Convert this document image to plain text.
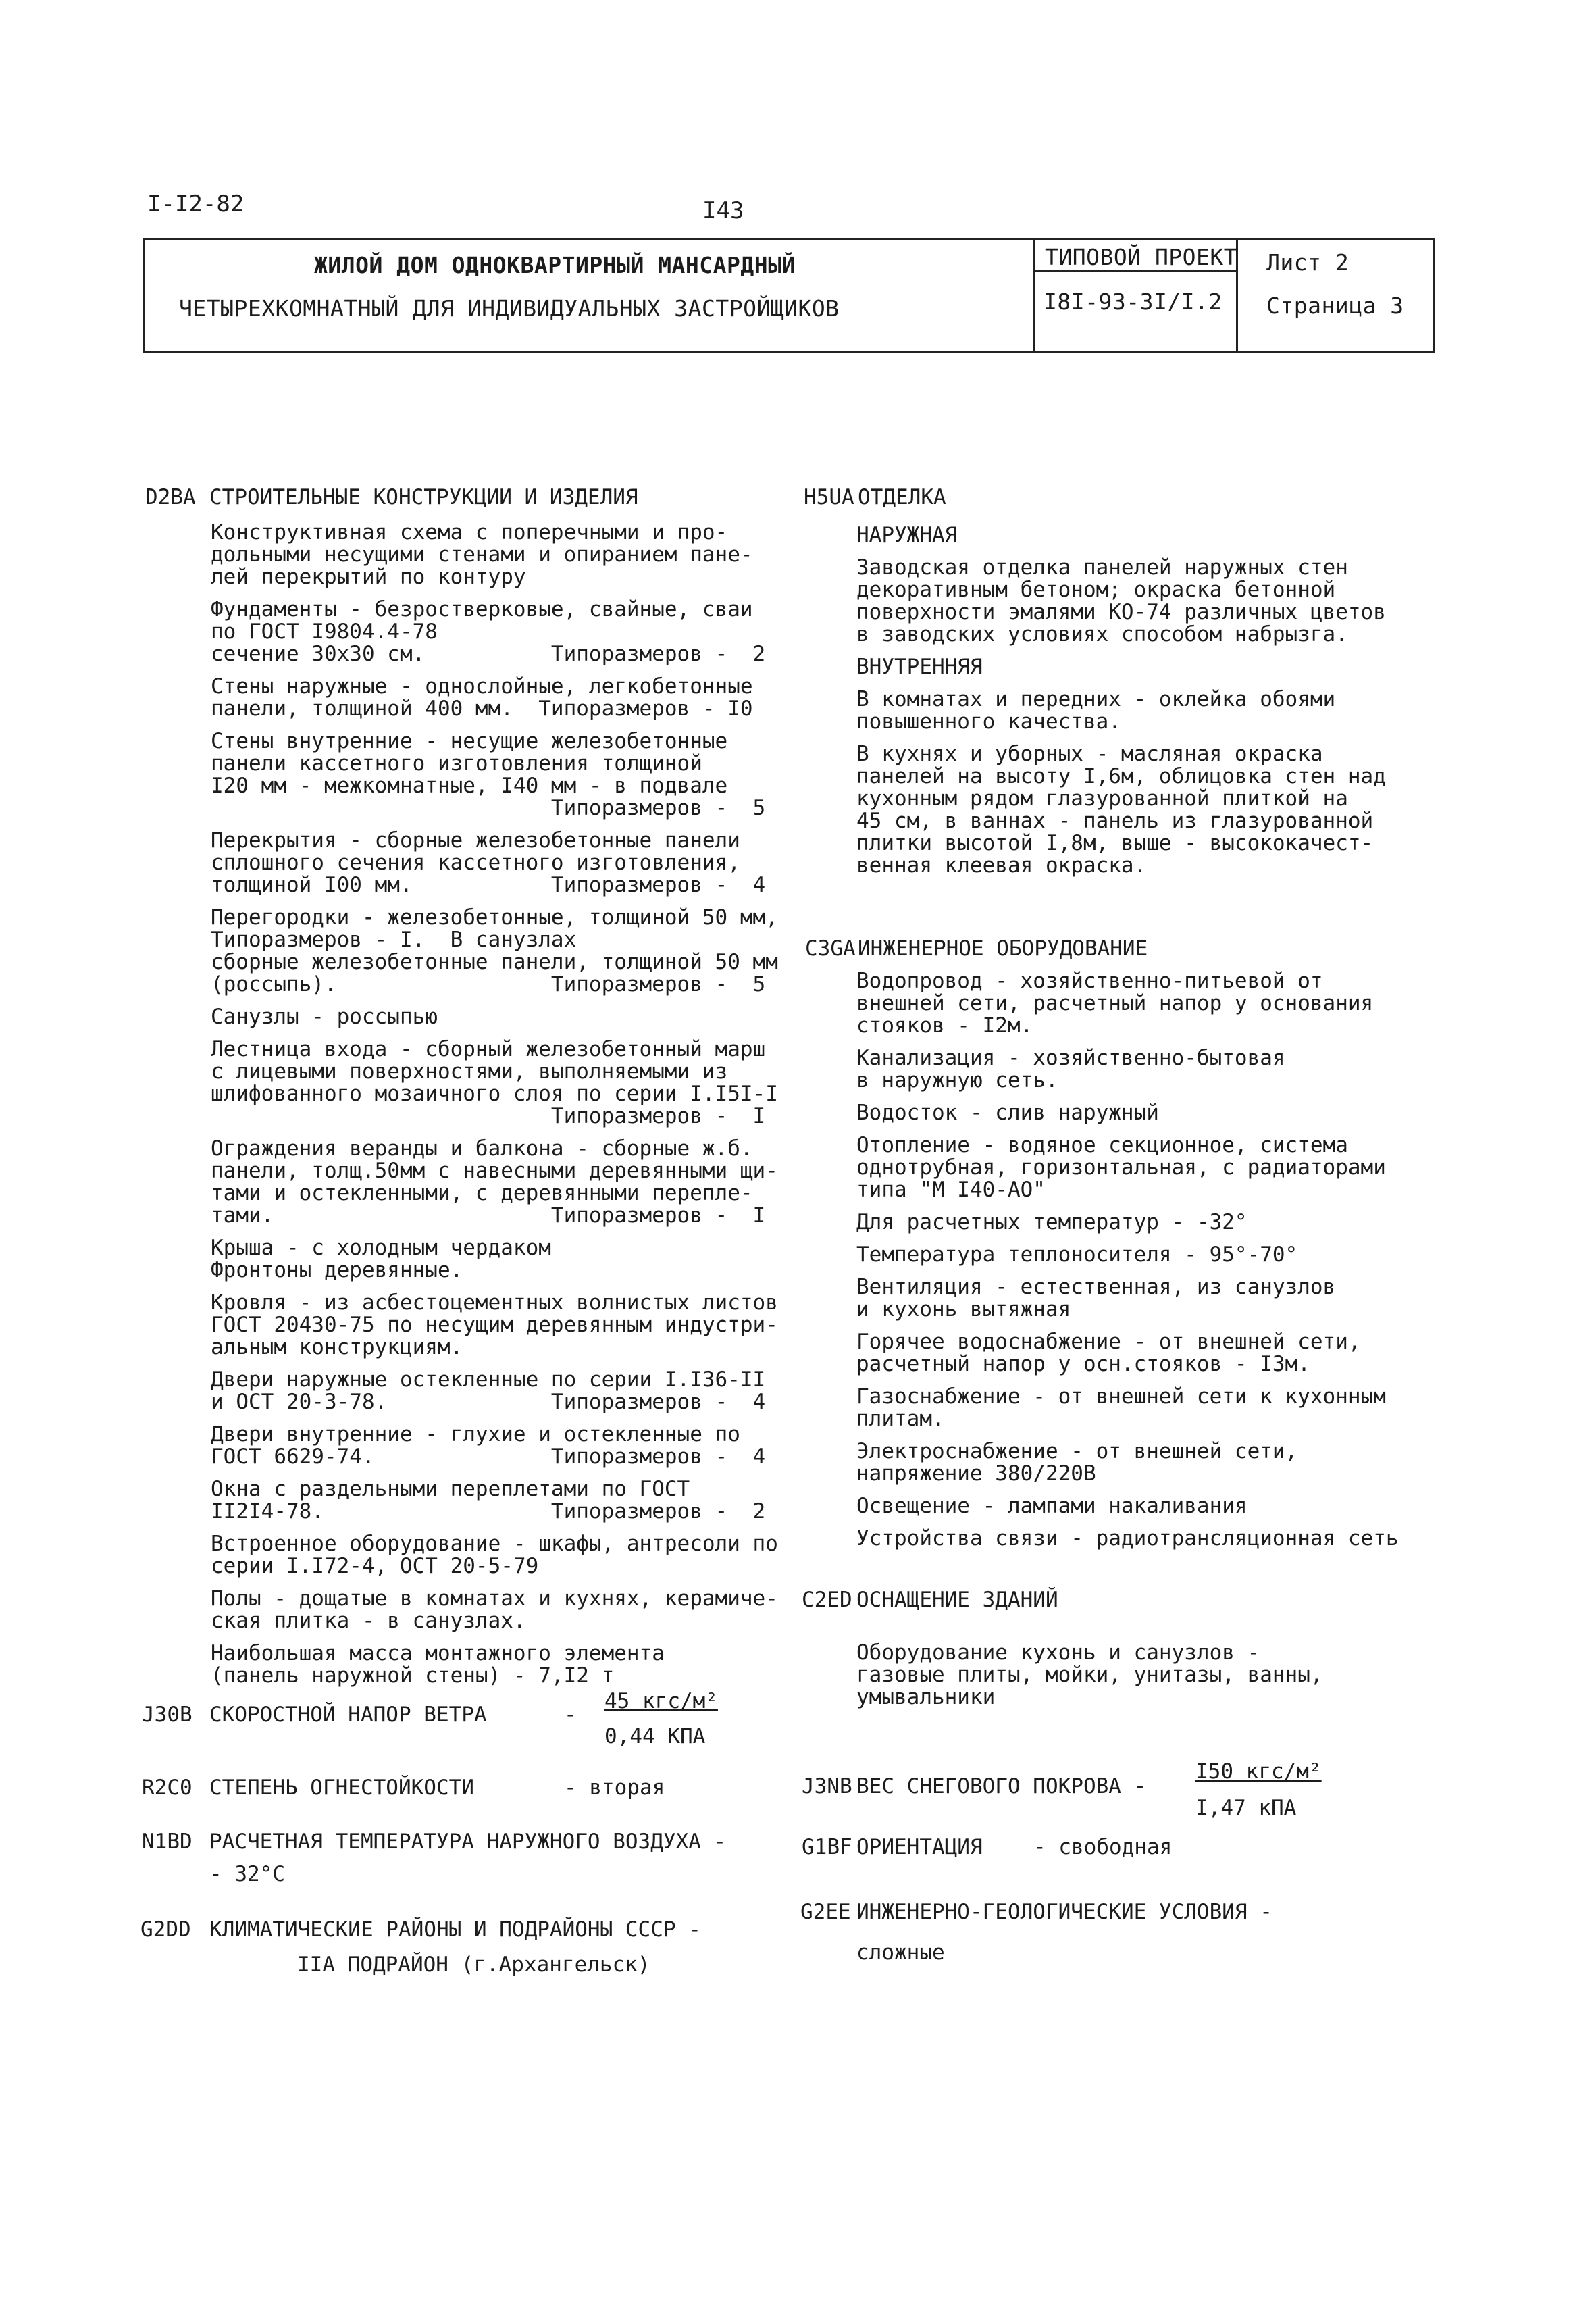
I-I2-82	I43
ЖИЛОЙ ДОМ ОДНОКВАРТИРНЫЙ МАНСАРДНЫЙ
ЧЕТЫРЕХКОМНАТНЫЙ ДЛЯ ИНДИВИДУАЛЬНЫХ ЗАСТРОЙЩИКОВ
ТИПОВОЙ ПРОЕКТ
I8I-93-3I/I.2
Лист 2
Страница 3
D2BA СТРОИТЕЛЬНЫЕ КОНСТРУКЦИИ И ИЗДЕЛИЯ
Конструктивная схема с поперечными и про-
дольными несущими стенами и опиранием пане-
лей перекрытий по контуру
Фундаменты - безростверковые, свайные, сваи
по ГОСТ I9804.4-78
сечение 30x30 см.          Типоразмеров -  2
Стены наружные - однослойные, легкобетонные
панели, толщиной 400 мм.  Типоразмеров - I0
Стены внутренние - несущие железобетонные
панели кассетного изготовления толщиной
I20 мм - межкомнатные, I40 мм - в подвале
Типоразмеров -  5
Перекрытия - сборные железобетонные панели
сплошного сечения кассетного изготовления,
толщиной I00 мм.           Типоразмеров -  4
Перегородки - железобетонные, толщиной 50 мм,
Типоразмеров - I.  В санузлах
сборные железобетонные панели, толщиной 50 мм
(россыпь).                 Типоразмеров -  5
Санузлы - россыпью
Лестница входа - сборный железобетонный марш
с лицевыми поверхностями, выполняемыми из
шлифованного мозаичного слоя по серии I.I5I-I
Типоразмеров -  I
Ограждения веранды и балкона - сборные ж.б.
панели, толщ.50мм с навесными деревянными щи-
тами и остекленными, с деревянными переплe-
тами.                      Типоразмеров -  I
Крыша - с холодным чердаком
Фронтоны деревянные.
Кровля - из асбестоцементных волнистых листов
ГОСТ 20430-75 по несущим деревянным индустри-
альным конструкциям.
Двери наружные остекленные по серии I.I36-II
и ОСТ 20-3-78.             Типоразмеров -  4
Двери внутренние - глухие и остекленные по
ГОСТ 6629-74.              Типоразмеров -  4
Окна с раздельными переплетами по ГОСТ
II2I4-78.                  Типоразмеров -  2
Встроенное оборудование - шкафы, антресоли по
серии I.I72-4, ОСТ 20-5-79
Полы - дощатые в комнатах и кухнях, керамиче-
ская плитка - в санузлах.
Наибольшая масса монтажного элемента
(панель наружной стены) - 7,I2 т
H5UA ОТДЕЛКА
НАРУЖНАЯ
Заводская отделка панелей наружных стен
декоративным бетоном; окраска бетонной
поверхности эмалями КО-74 различных цветов
в заводских условиях способом набрызга.
ВНУТРЕННЯЯ
В комнатах и передних - оклейка обоями
повышенного качества.
В кухнях и уборных - масляная окраска
панелей на высоту I,6м, облицовка стен над
кухонным рядом глазурованной плиткой на
45 см, в ваннах - панель из глазурованной
плитки высотой I,8м, выше - высококачест-
венная клеевая окраска.
C3GA ИНЖЕНЕРНОЕ ОБОРУДОВАНИЕ
Водопровод - хозяйственно-питьевой от
внешней сети, расчетный напор у основания
стояков - I2м.
Канализация - хозяйственно-бытовая
в наружную сеть.
Водосток - слив наружный
Отопление - водяное секционное, система
однотрубная, горизонтальная, с радиаторами
типа "М I40-АО"
Для расчетных температур - -32°
Температура теплоносителя - 95°-70°
Вентиляция - естественная, из санузлов
и кухонь вытяжная
Горячее водоснабжение - от внешней сети,
расчетный напор у осн.стояков - I3м.
Газоснабжение - от внешней сети к кухонным
плитам.
Электроснабжение - от внешней сети,
напряжение 380/220В
Освещение - лампами накаливания
Устройства связи - радиотрансляционная сеть
C2ED ОСНАЩЕНИЕ ЗДАНИЙ
Оборудование кухонь и санузлов -
газовые плиты, мойки, унитазы, ванны,
умывальники
J30B СКОРОСТНОЙ НАПОР ВЕТРА	-
45 кгс/м²
0,44 КПА
R2C0 СТЕПЕНЬ ОГНЕСТОЙКОСТИ	- вторая
N1BD РАСЧЕТНАЯ ТЕМПЕРАТУРА НАРУЖНОГО ВОЗДУХА -
- 32°С
G2DD КЛИМАТИЧЕСКИЕ РАЙОНЫ И ПОДРАЙОНЫ СССР -
IIА ПОДРАЙОН (г.Архангельск)
J3NB ВЕС СНЕГОВОГО ПОКРОВА -
I50 кгс/м²
I,47 кПА
G1BF ОРИЕНТАЦИЯ - свободная
G2EE ИНЖЕНЕРНО-ГЕОЛОГИЧЕСКИЕ УСЛОВИЯ -
сложные
